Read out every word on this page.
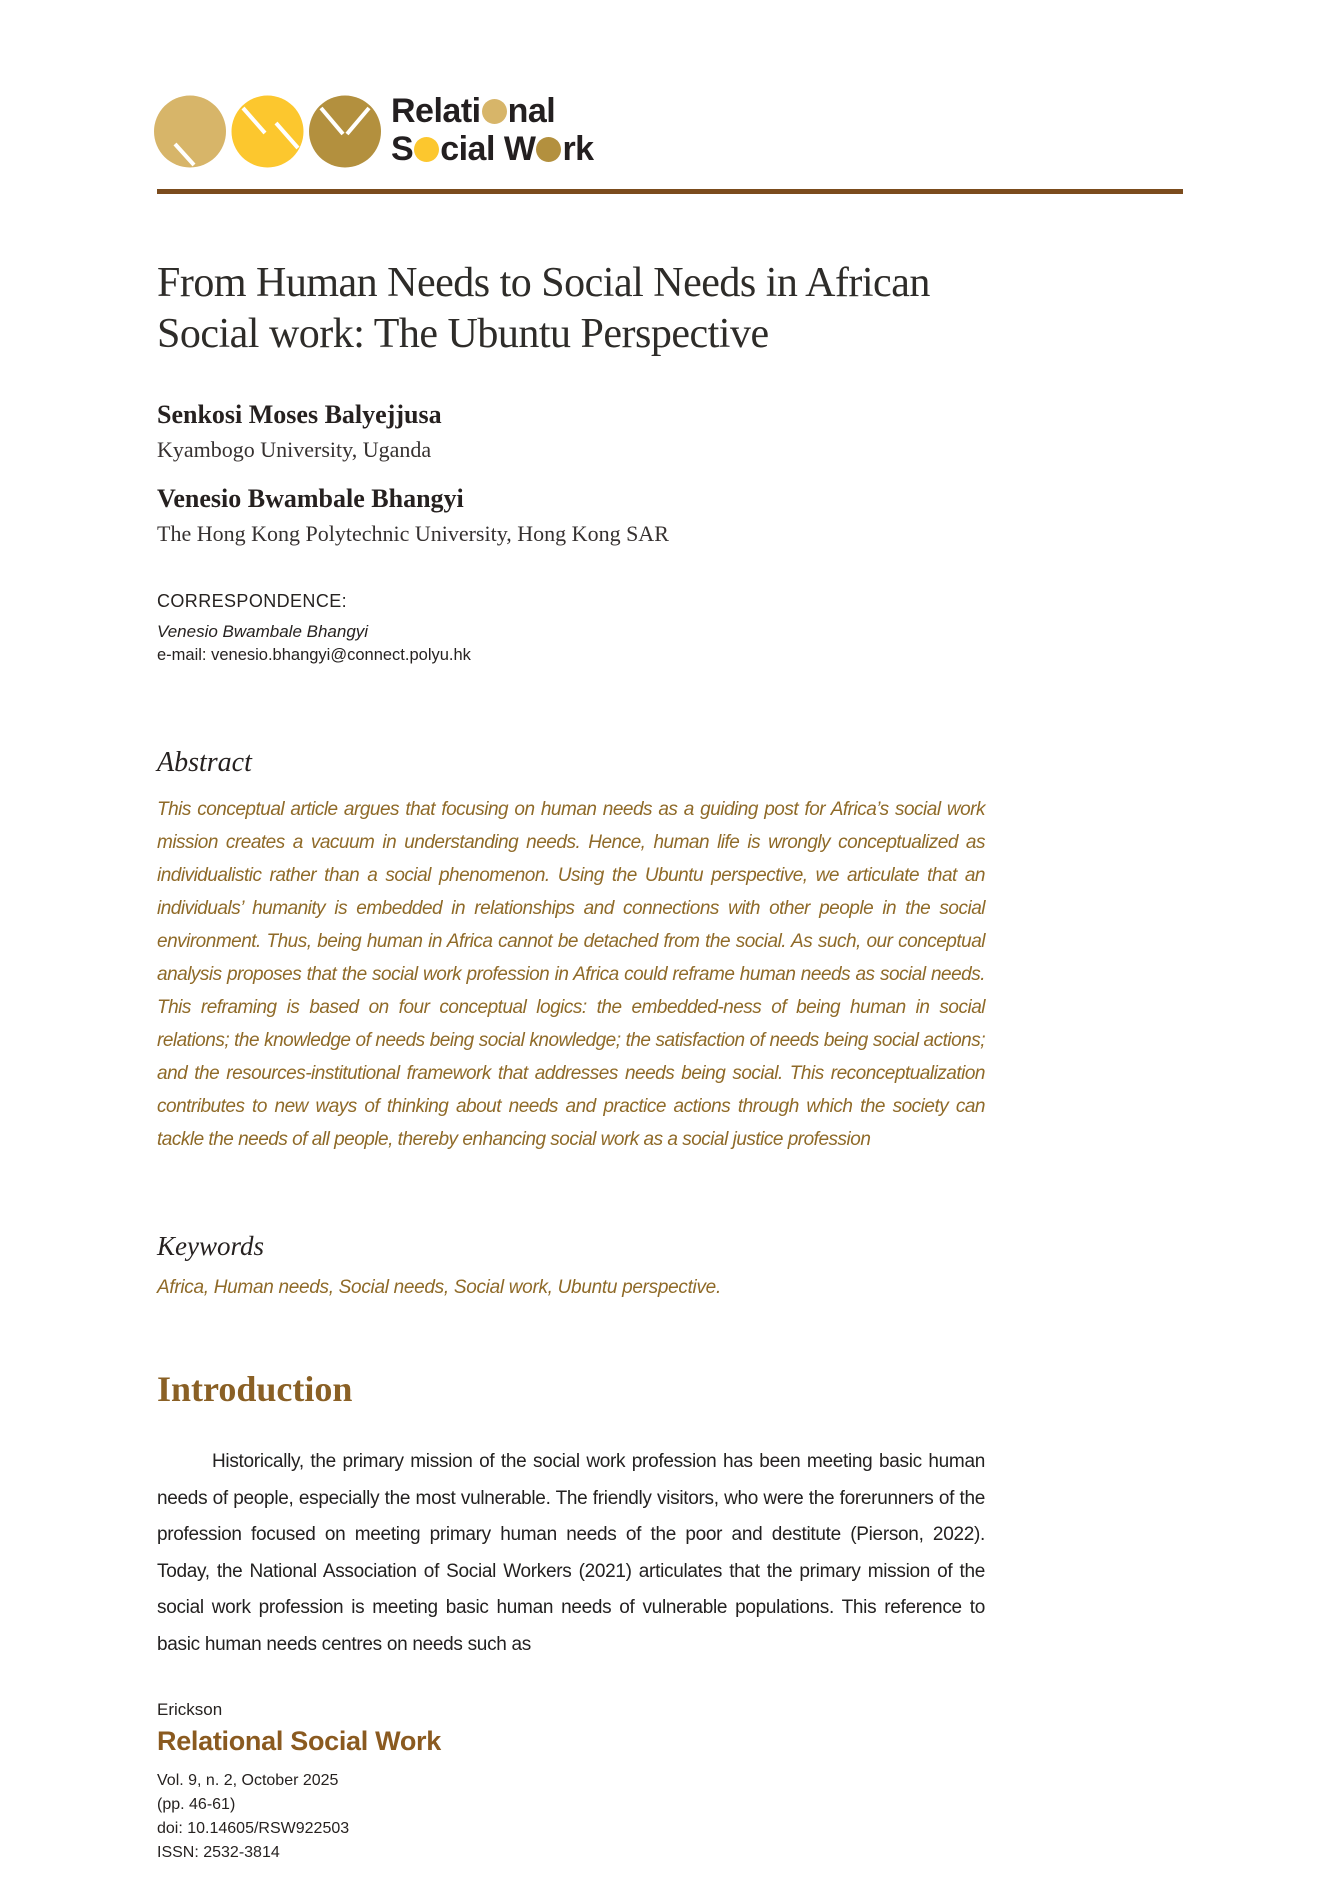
Relati nal
S cial W rk
From Human Needs to Social Needs in African
Social work: The Ubuntu Perspective

Senkosi Moses Balyejjusa

Kyambogo University, Uganda

Venesio Bwambale Bhangyi

The Hong Kong Polytechnic University, Hong Kong SAR

CORRESPONDENCE:

Venesio Bwambale Bhangyi

e-mail: venesio.bhangyi@connect.polyu.hk

Abstract

This conceptual article argues that focusing on human needs as a guiding post for Africa’s social work mission creates a vacuum in understanding needs. Hence, human life is wrongly conceptualized as individualistic rather than a social phenomenon. Using the Ubuntu perspective, we articulate that an individuals’ humanity is embedded in relationships and connections with other people in the social environment. Thus, being human in Africa cannot be detached from the social. As such, our conceptual analysis proposes that the social work profession in Africa could reframe human needs as social needs. This reframing is based on four conceptual logics: the embedded-ness of being human in social relations; the knowledge of needs being social knowledge; the satisfaction of needs being social actions; and the resources-institutional framework that addresses needs being social. This reconceptualization contributes to new ways of thinking about needs and practice actions through which the society can tackle the needs of all people, thereby enhancing social work as a social justice profession

Keywords

Africa, Human needs, Social needs, Social work, Ubuntu perspective.

Introduction

Historically, the primary mission of the social work profession has been meeting basic human needs of people, especially the most vulnerable. The friendly visitors, who were the forerunners of the profession focused on meeting primary human needs of the poor and destitute (Pierson, 2022). Today, the National Association of Social Workers (2021) articulates that the primary mission of the social work profession is meeting basic human needs of vulnerable populations. This reference to basic human needs centres on needs such as

Erickson

Relational Social Work

Vol. 9, n. 2, October 2025

(pp. 46-61)

doi: 10.14605/RSW922503

ISSN: 2532-3814
